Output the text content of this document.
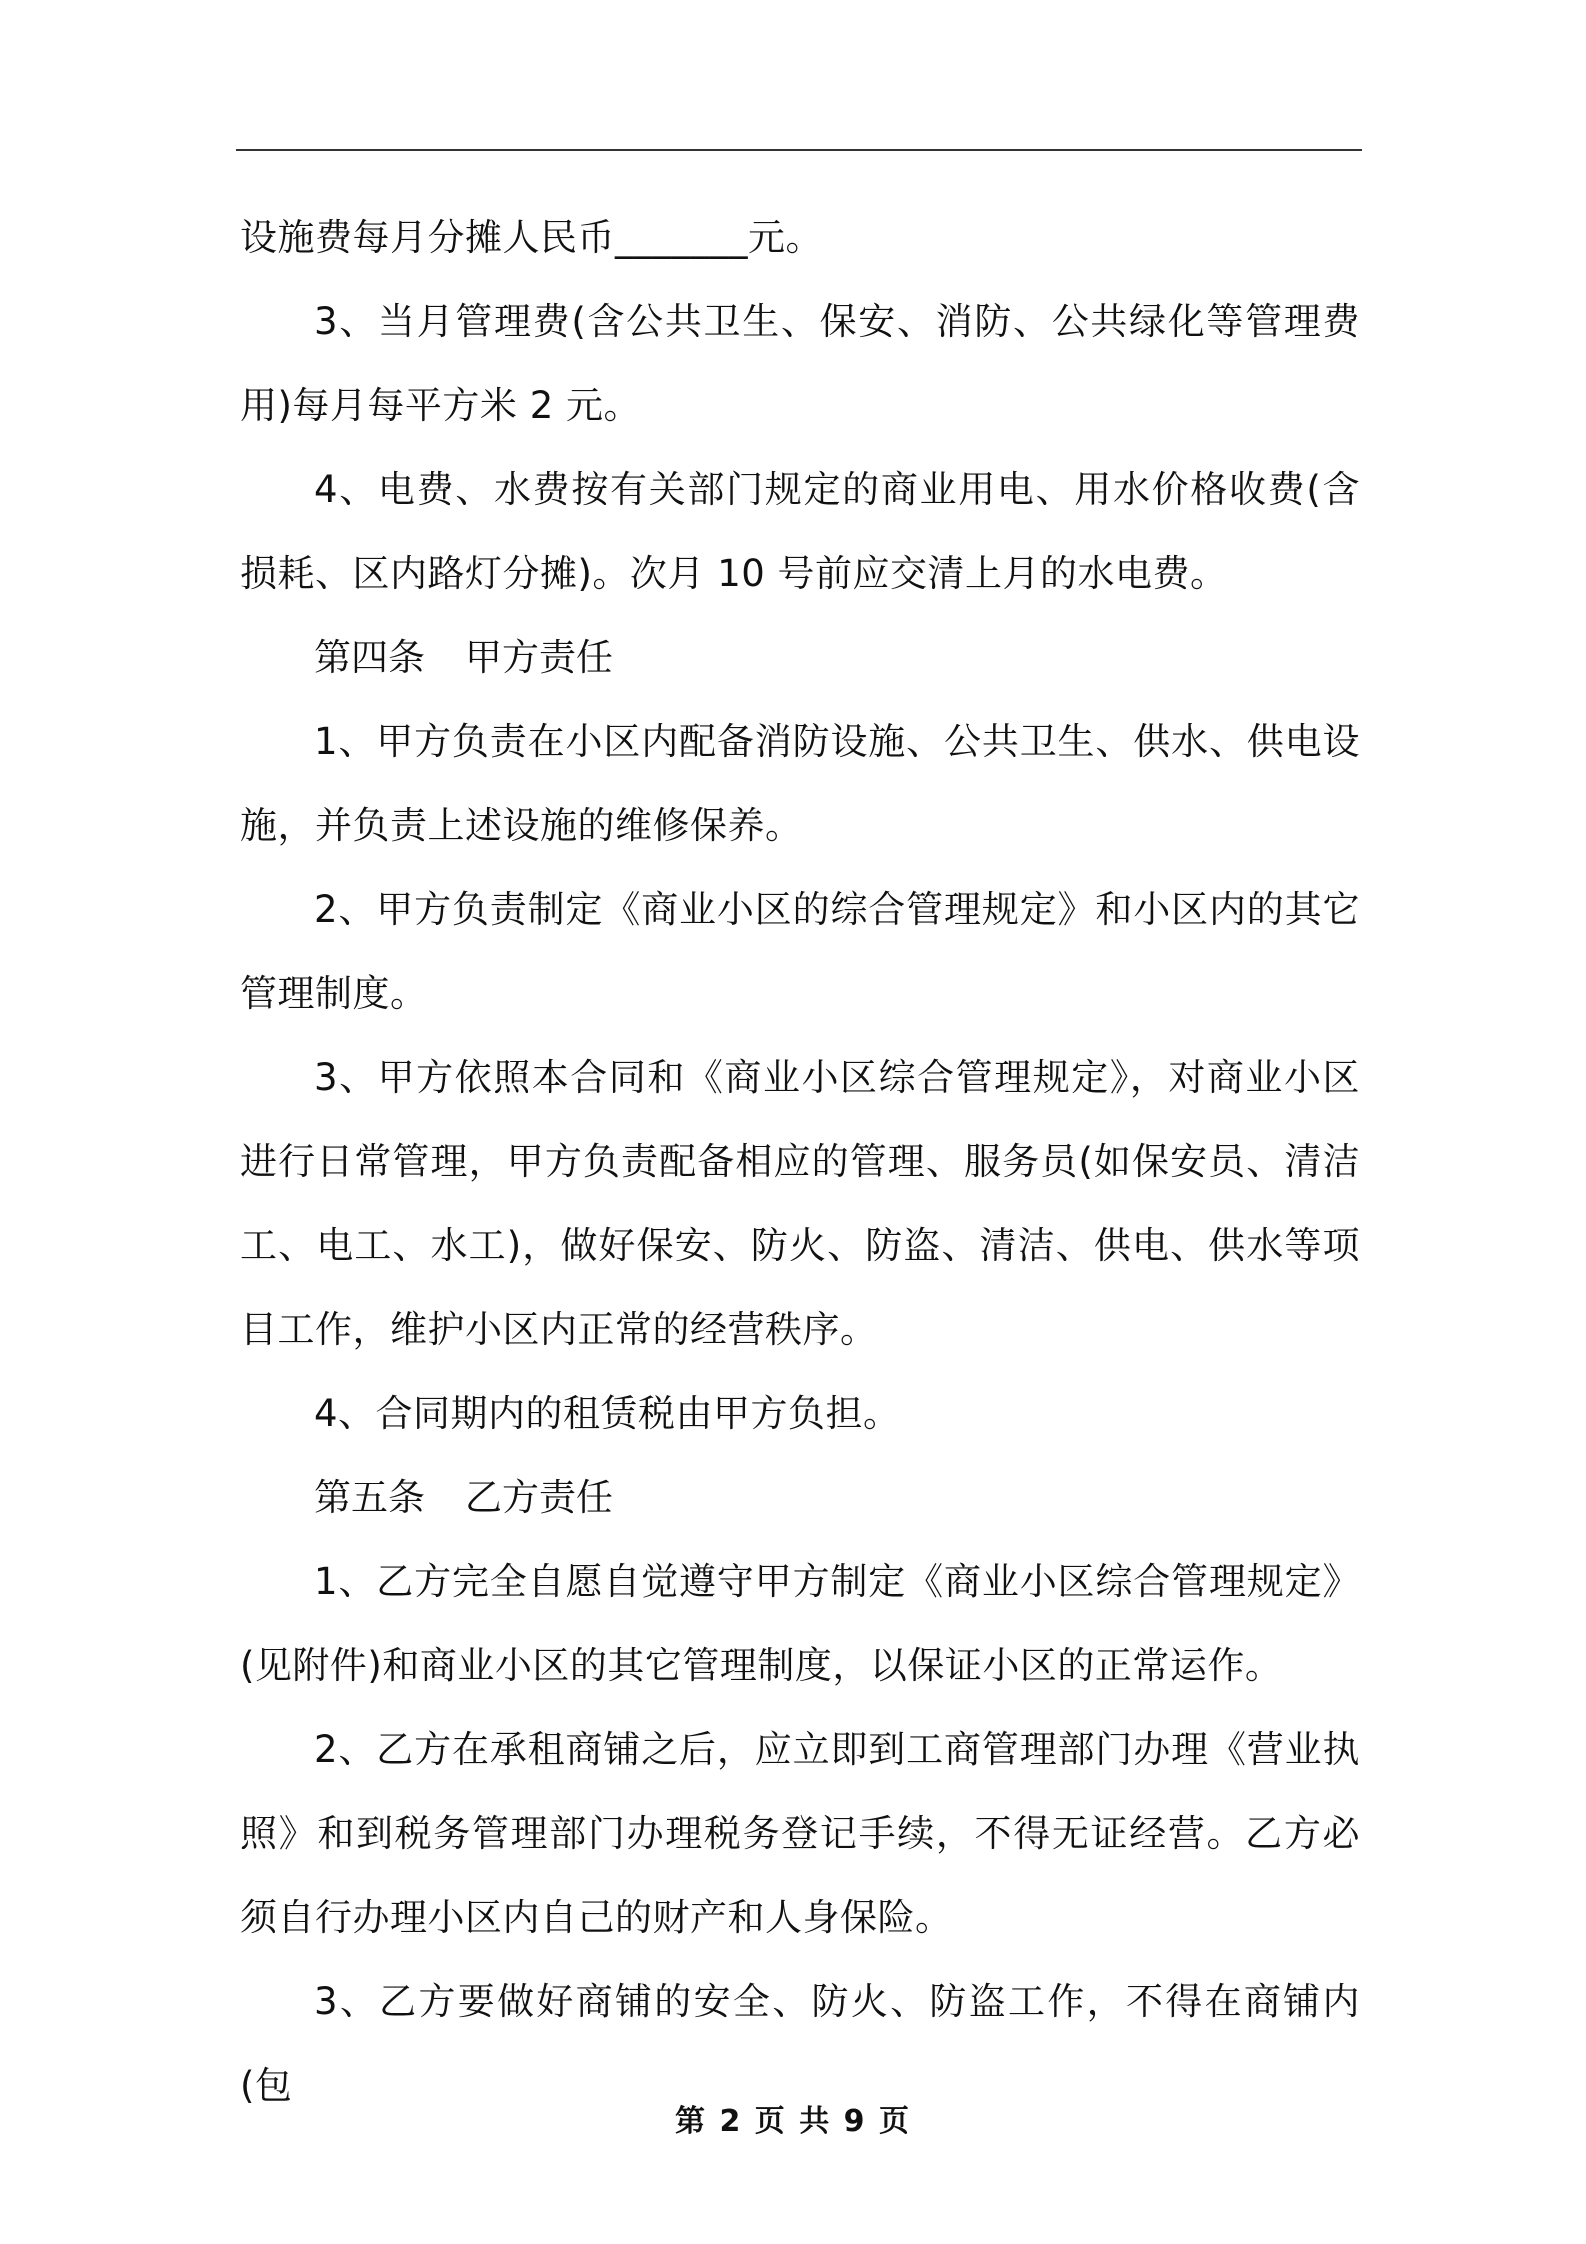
设施费每月分摊人民币_______元。

3、当月管理费(含公共卫生、保安、消防、公共绿化等管理费用)每月每平方米 2 元。

4、电费、水费按有关部门规定的商业用电、用水价格收费(含损耗、区内路灯分摊)。次月 10 号前应交清上月的水电费。

第四条 甲方责任

1、甲方负责在小区内配备消防设施、公共卫生、供水、供电设施，并负责上述设施的维修保养。

2、甲方负责制定《商业小区的综合管理规定》和小区内的其它管理制度。

3、甲方依照本合同和《商业小区综合管理规定》，对商业小区进行日常管理，甲方负责配备相应的管理、服务员(如保安员、清洁工、电工、水工)，做好保安、防火、防盗、清洁、供电、供水等项目工作，维护小区内正常的经营秩序。

4、合同期内的租赁税由甲方负担。

第五条 乙方责任

1、乙方完全自愿自觉遵守甲方制定《商业小区综合管理规定》(见附件)和商业小区的其它管理制度，以保证小区的正常运作。

2、乙方在承租商铺之后，应立即到工商管理部门办理《营业执照》和到税务管理部门办理税务登记手续，不得无证经营。乙方必须自行办理小区内自己的财产和人身保险。

3、乙方要做好商铺的安全、防火、防盗工作，不得在商铺内(包

第 2 页 共 9 页
